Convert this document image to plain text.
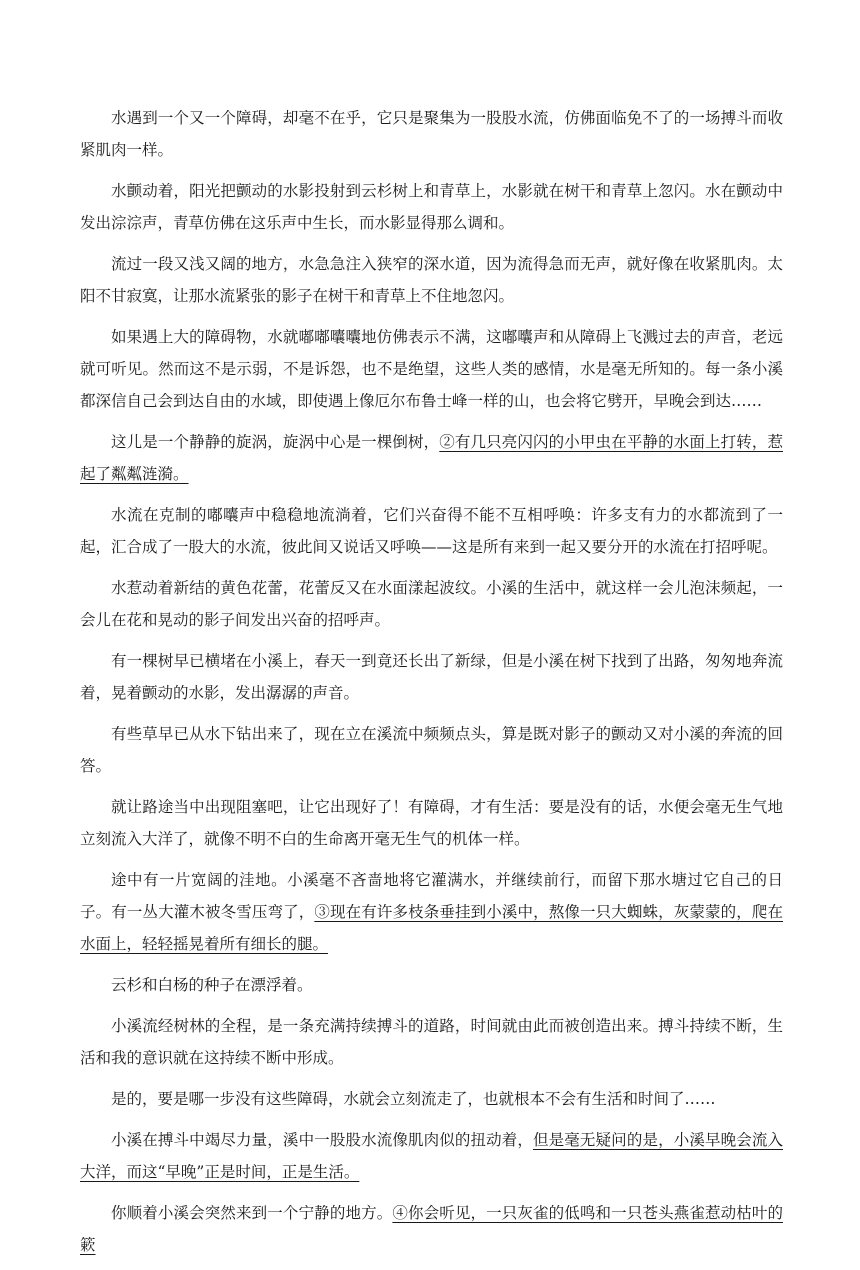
水遇到一个又一个障碍，却毫不在乎，它只是聚集为一股股水流，仿佛面临免不了的一场搏斗而收紧肌肉一样。

水颤动着，阳光把颤动的水影投射到云杉树上和青草上，水影就在树干和青草上忽闪。水在颤动中发出淙淙声，青草仿佛在这乐声中生长，而水影显得那么调和。

流过一段又浅又阔的地方，水急急注入狭窄的深水道，因为流得急而无声，就好像在收紧肌肉。太阳不甘寂寞，让那水流紧张的影子在树干和青草上不住地忽闪。

如果遇上大的障碍物，水就嘟嘟囔囔地仿佛表示不满，这嘟囔声和从障碍上飞溅过去的声音，老远就可听见。然而这不是示弱，不是诉怨，也不是绝望，这些人类的感情，水是毫无所知的。每一条小溪都深信自己会到达自由的水域，即使遇上像厄尔布鲁士峰一样的山，也会将它劈开，早晚会到达……

这儿是一个静静的旋涡，旋涡中心是一棵倒树，②有几只亮闪闪的小甲虫在平静的水面上打转，惹起了粼粼涟漪。

水流在克制的嘟囔声中稳稳地流淌着，它们兴奋得不能不互相呼唤：许多支有力的水都流到了一起，汇合成了一股大的水流，彼此间又说话又呼唤——这是所有来到一起又要分开的水流在打招呼呢。

水惹动着新结的黄色花蕾，花蕾反又在水面漾起波纹。小溪的生活中，就这样一会儿泡沫频起，一会儿在花和晃动的影子间发出兴奋的招呼声。

有一棵树早已横堵在小溪上，春天一到竟还长出了新绿，但是小溪在树下找到了出路，匆匆地奔流着，晃着颤动的水影，发出潺潺的声音。

有些草早已从水下钻出来了，现在立在溪流中频频点头，算是既对影子的颤动又对小溪的奔流的回答。

就让路途当中出现阻塞吧，让它出现好了！有障碍，才有生活：要是没有的话，水便会毫无生气地立刻流入大洋了，就像不明不白的生命离开毫无生气的机体一样。

途中有一片宽阔的洼地。小溪毫不吝啬地将它灌满水，并继续前行，而留下那水塘过它自己的日子。有一丛大灌木被冬雪压弯了，③现在有许多枝条垂挂到小溪中，熬像一只大蜘蛛，灰蒙蒙的，爬在水面上，轻轻摇晃着所有细长的腿。

云杉和白杨的种子在漂浮着。

小溪流经树林的全程，是一条充满持续搏斗的道路，时间就由此而被创造出来。搏斗持续不断，生活和我的意识就在这持续不断中形成。

是的，要是哪一步没有这些障碍，水就会立刻流走了，也就根本不会有生活和时间了……

小溪在搏斗中竭尽力量，溪中一股股水流像肌肉似的扭动着，但是毫无疑问的是，小溪早晚会流入大洋，而这“早晚”正是时间，正是生活。

你顺着小溪会突然来到一个宁静的地方。④你会听见，一只灰雀的低鸣和一只苍头燕雀惹动枯叶的簌
